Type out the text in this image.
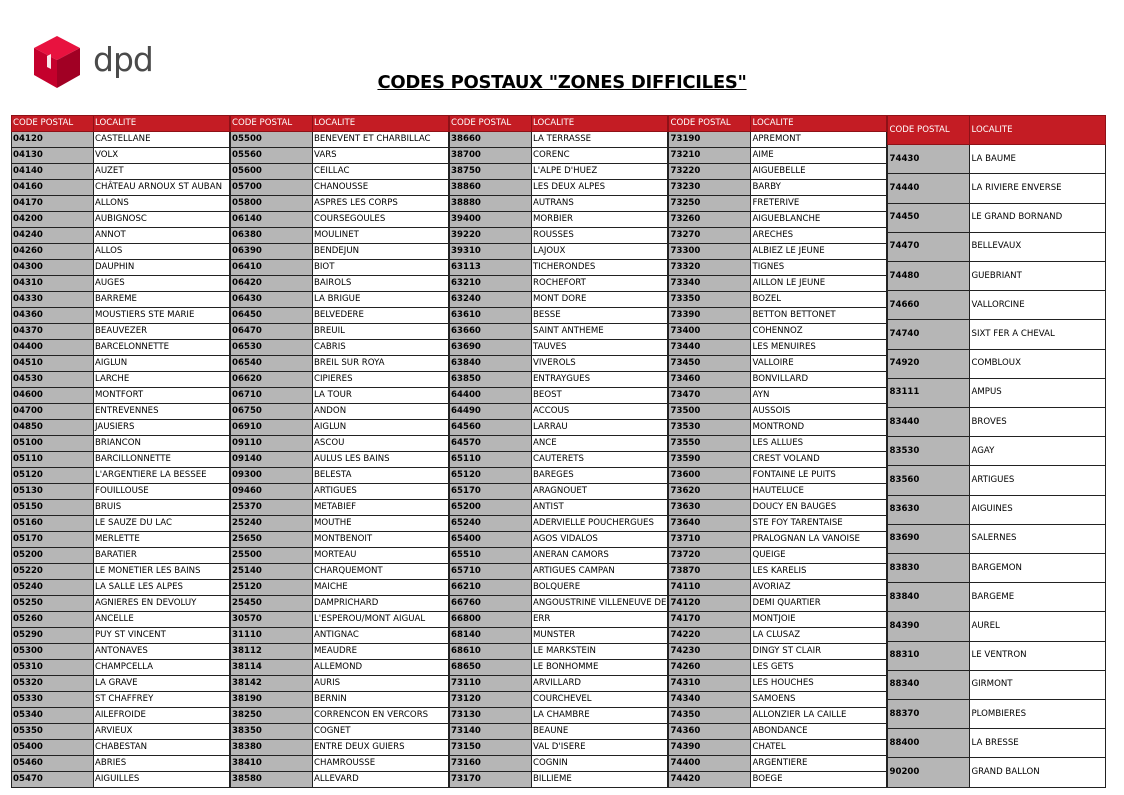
dpd
CODES POSTAUX "ZONES DIFFICILES"
CODE POSTAL	LOCALITE
04120	CASTELLANE
04130	VOLX
04140	AUZET
04160	CHÂTEAU ARNOUX ST AUBAN
04170	ALLONS
04200	AUBIGNOSC
04240	ANNOT
04260	ALLOS
04300	DAUPHIN
04310	AUGES
04330	BARREME
04360	MOUSTIERS STE MARIE
04370	BEAUVEZER
04400	BARCELONNETTE
04510	AIGLUN
04530	LARCHE
04600	MONTFORT
04700	ENTREVENNES
04850	JAUSIERS
05100	BRIANCON
05110	BARCILLONNETTE
05120	L'ARGENTIERE LA BESSEE
05130	FOUILLOUSE
05150	BRUIS
05160	LE SAUZE DU LAC
05170	MERLETTE
05200	BARATIER
05220	LE MONETIER LES BAINS
05240	LA SALLE LES ALPES
05250	AGNIERES EN DEVOLUY
05260	ANCELLE
05290	PUY ST VINCENT
05300	ANTONAVES
05310	CHAMPCELLA
05320	LA GRAVE
05330	ST CHAFFREY
05340	AILEFROIDE
05350	ARVIEUX
05400	CHABESTAN
05460	ABRIES
05470	AIGUILLES
CODE POSTAL	LOCALITE
05500	BENEVENT ET CHARBILLAC
05560	VARS
05600	CEILLAC
05700	CHANOUSSE
05800	ASPRES LES CORPS
06140	COURSEGOULES
06380	MOULINET
06390	BENDEJUN
06410	BIOT
06420	BAIROLS
06430	LA BRIGUE
06450	BELVEDERE
06470	BREUIL
06530	CABRIS
06540	BREIL SUR ROYA
06620	CIPIERES
06710	LA TOUR
06750	ANDON
06910	AIGLUN
09110	ASCOU
09140	AULUS LES BAINS
09300	BELESTA
09460	ARTIGUES
25370	METABIEF
25240	MOUTHE
25650	MONTBENOIT
25500	MORTEAU
25140	CHARQUEMONT
25120	MAICHE
25450	DAMPRICHARD
30570	L'ESPEROU/MONT AIGUAL
31110	ANTIGNAC
38112	MEAUDRE
38114	ALLEMOND
38142	AURIS
38190	BERNIN
38250	CORRENCON EN VERCORS
38350	COGNET
38380	ENTRE DEUX GUIERS
38410	CHAMROUSSE
38580	ALLEVARD
CODE POSTAL	LOCALITE
38660	LA TERRASSE
38700	CORENC
38750	L'ALPE D'HUEZ
38860	LES DEUX ALPES
38880	AUTRANS
39400	MORBIER
39220	ROUSSES
39310	LAJOUX
63113	TICHERONDES
63210	ROCHEFORT
63240	MONT DORE
63610	BESSE
63660	SAINT ANTHEME
63690	TAUVES
63840	VIVEROLS
63850	ENTRAYGUES
64400	BEOST
64490	ACCOUS
64560	LARRAU
64570	ANCE
65110	CAUTERETS
65120	BAREGES
65170	ARAGNOUET
65200	ANTIST
65240	ADERVIELLE POUCHERGUES
65400	AGOS VIDALOS
65510	ANERAN CAMORS
65710	ARTIGUES CAMPAN
66210	BOLQUERE
66760	ANGOUSTRINE VILLENEUVE DE
66800	ERR
68140	MUNSTER
68610	LE MARKSTEIN
68650	LE BONHOMME
73110	ARVILLARD
73120	COURCHEVEL
73130	LA CHAMBRE
73140	BEAUNE
73150	VAL D'ISERE
73160	COGNIN
73170	BILLIEME
CODE POSTAL	LOCALITE
73190	APREMONT
73210	AIME
73220	AIGUEBELLE
73230	BARBY
73250	FRETERIVE
73260	AIGUEBLANCHE
73270	ARECHES
73300	ALBIEZ LE JEUNE
73320	TIGNES
73340	AILLON LE JEUNE
73350	BOZEL
73390	BETTON BETTONET
73400	COHENNOZ
73440	LES MENUIRES
73450	VALLOIRE
73460	BONVILLARD
73470	AYN
73500	AUSSOIS
73530	MONTROND
73550	LES ALLUES
73590	CREST VOLAND
73600	FONTAINE LE PUITS
73620	HAUTELUCE
73630	DOUCY EN BAUGES
73640	STE FOY TARENTAISE
73710	PRALOGNAN LA VANOISE
73720	QUEIGE
73870	LES KARELIS
74110	AVORIAZ
74120	DEMI QUARTIER
74170	MONTJOIE
74220	LA CLUSAZ
74230	DINGY ST CLAIR
74260	LES GETS
74310	LES HOUCHES
74340	SAMOENS
74350	ALLONZIER LA CAILLE
74360	ABONDANCE
74390	CHATEL
74400	ARGENTIERE
74420	BOEGE
CODE POSTAL	LOCALITE
74430	LA BAUME
74440	LA RIVIERE ENVERSE
74450	LE GRAND BORNAND
74470	BELLEVAUX
74480	GUEBRIANT
74660	VALLORCINE
74740	SIXT FER A CHEVAL
74920	COMBLOUX
83111	AMPUS
83440	BROVES
83530	AGAY
83560	ARTIGUES
83630	AIGUINES
83690	SALERNES
83830	BARGEMON
83840	BARGEME
84390	AUREL
88310	LE VENTRON
88340	GIRMONT
88370	PLOMBIERES
88400	LA BRESSE
90200	GRAND BALLON
